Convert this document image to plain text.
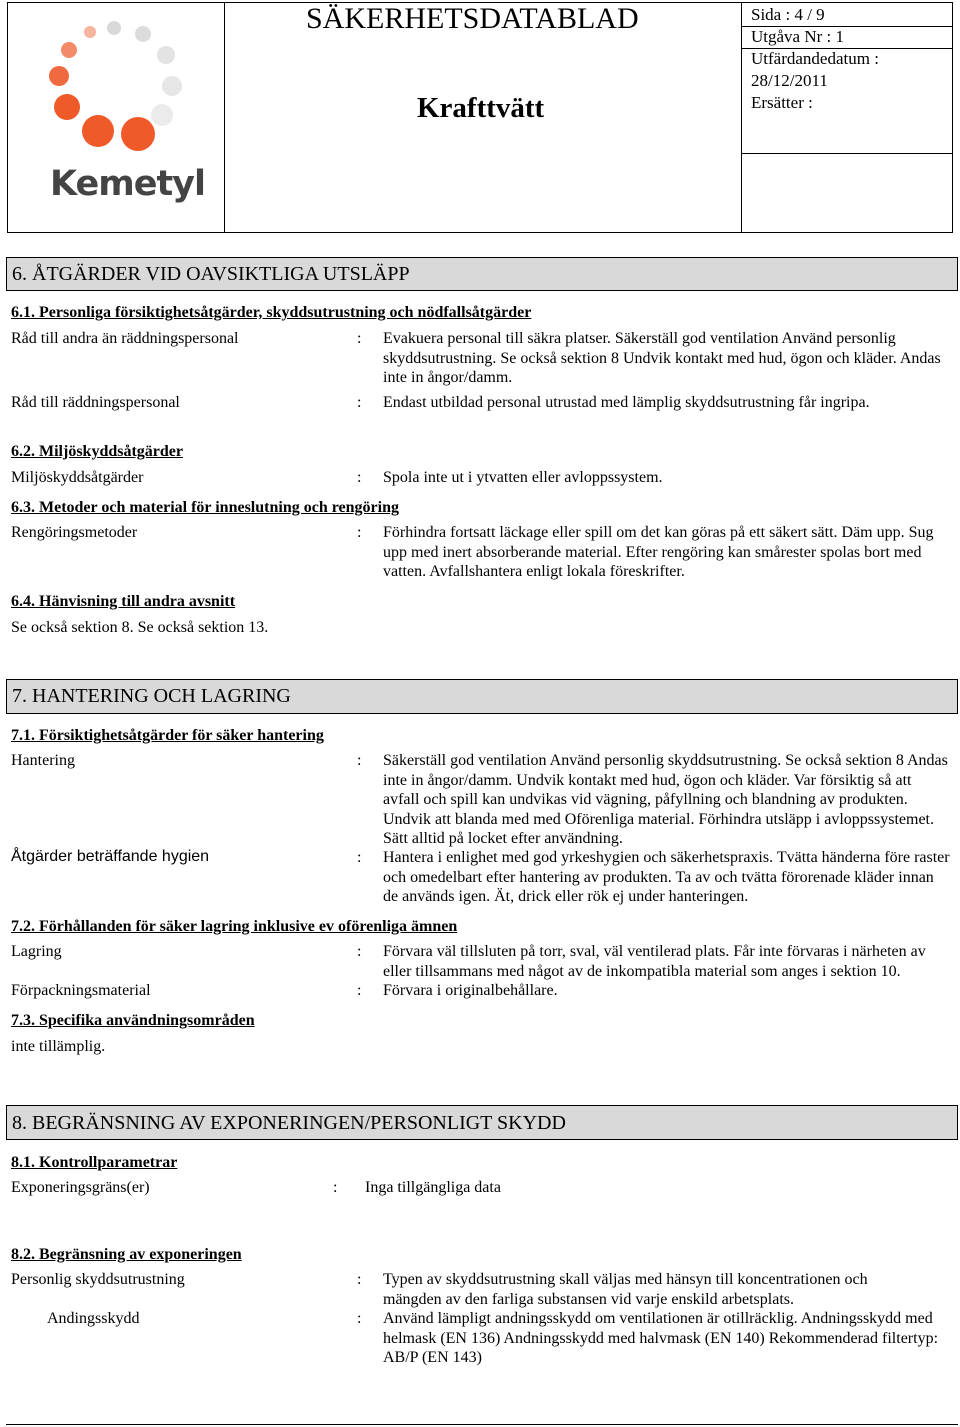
Kemetyl
SÄKERHETSDATABLAD
Krafttvätt
Sida : 4 / 9
Utgåva Nr : 1
Utfärdandedatum :
28/12/2011
Ersätter :
6. ÅTGÄRDER VID OAVSIKTLIGA UTSLÄPP
6.1. Personliga försiktighetsåtgärder, skyddsutrustning och nödfallsåtgärder
Råd till andra än räddningspersonal	: Evakuera personal till säkra platser. Säkerställ god ventilation Använd personlig skyddsutrustning. Se också sektion 8 Undvik kontakt med hud, ögon och kläder. Andas inte in ångor/damm.
Råd till räddningspersonal	: Endast utbildad personal utrustad med lämplig skyddsutrustning får ingripa.
6.2. Miljöskyddsåtgärder
Miljöskyddsåtgärder	: Spola inte ut i ytvatten eller avloppssystem.
6.3. Metoder och material för inneslutning och rengöring
Rengöringsmetoder	: Förhindra fortsatt läckage eller spill om det kan göras på ett säkert sätt. Däm upp. Sug upp med inert absorberande material. Efter rengöring kan smårester spolas bort med vatten. Avfallshantera enligt lokala föreskrifter.
6.4. Hänvisning till andra avsnitt
Se också sektion 8. Se också sektion 13.
7. HANTERING OCH LAGRING
7.1. Försiktighetsåtgärder för säker hantering
Hantering	: Säkerställ god ventilation Använd personlig skyddsutrustning. Se också sektion 8 Andas inte in ångor/damm. Undvik kontakt med hud, ögon och kläder. Var försiktig så att avfall och spill kan undvikas vid vägning, påfyllning och blandning av produkten. Undvik att blanda med med Oförenliga material. Förhindra utsläpp i avloppssystemet. Sätt alltid på locket efter användning.
Åtgärder beträffande hygien	: Hantera i enlighet med god yrkeshygien och säkerhetspraxis. Tvätta händerna före raster och omedelbart efter hantering av produkten. Ta av och tvätta förorenade kläder innan de används igen. Ät, drick eller rök ej under hanteringen.
7.2. Förhållanden för säker lagring inklusive ev oförenliga ämnen
Lagring	: Förvara väl tillsluten på torr, sval, väl ventilerad plats. Får inte förvaras i närheten av eller tillsammans med något av de inkompatibla material som anges i sektion 10.
Förpackningsmaterial	: Förvara i originalbehållare.
7.3. Specifika användningsområden
inte tillämplig.
8. BEGRÄNSNING AV EXPONERINGEN/PERSONLIGT SKYDD
8.1. Kontrollparametrar
Exponeringsgräns(er)	: Inga tillgängliga data
8.2. Begränsning av exponeringen
Personlig skyddsutrustning	: Typen av skyddsutrustning skall väljas med hänsyn till koncentrationen och mängden av den farliga substansen vid varje enskild arbetsplats.
Andingsskydd	: Använd lämpligt andningsskydd om ventilationen är otillräcklig. Andningsskydd med helmask (EN 136) Andningsskydd med halvmask (EN 140) Rekommenderad filtertyp: AB/P (EN 143)
